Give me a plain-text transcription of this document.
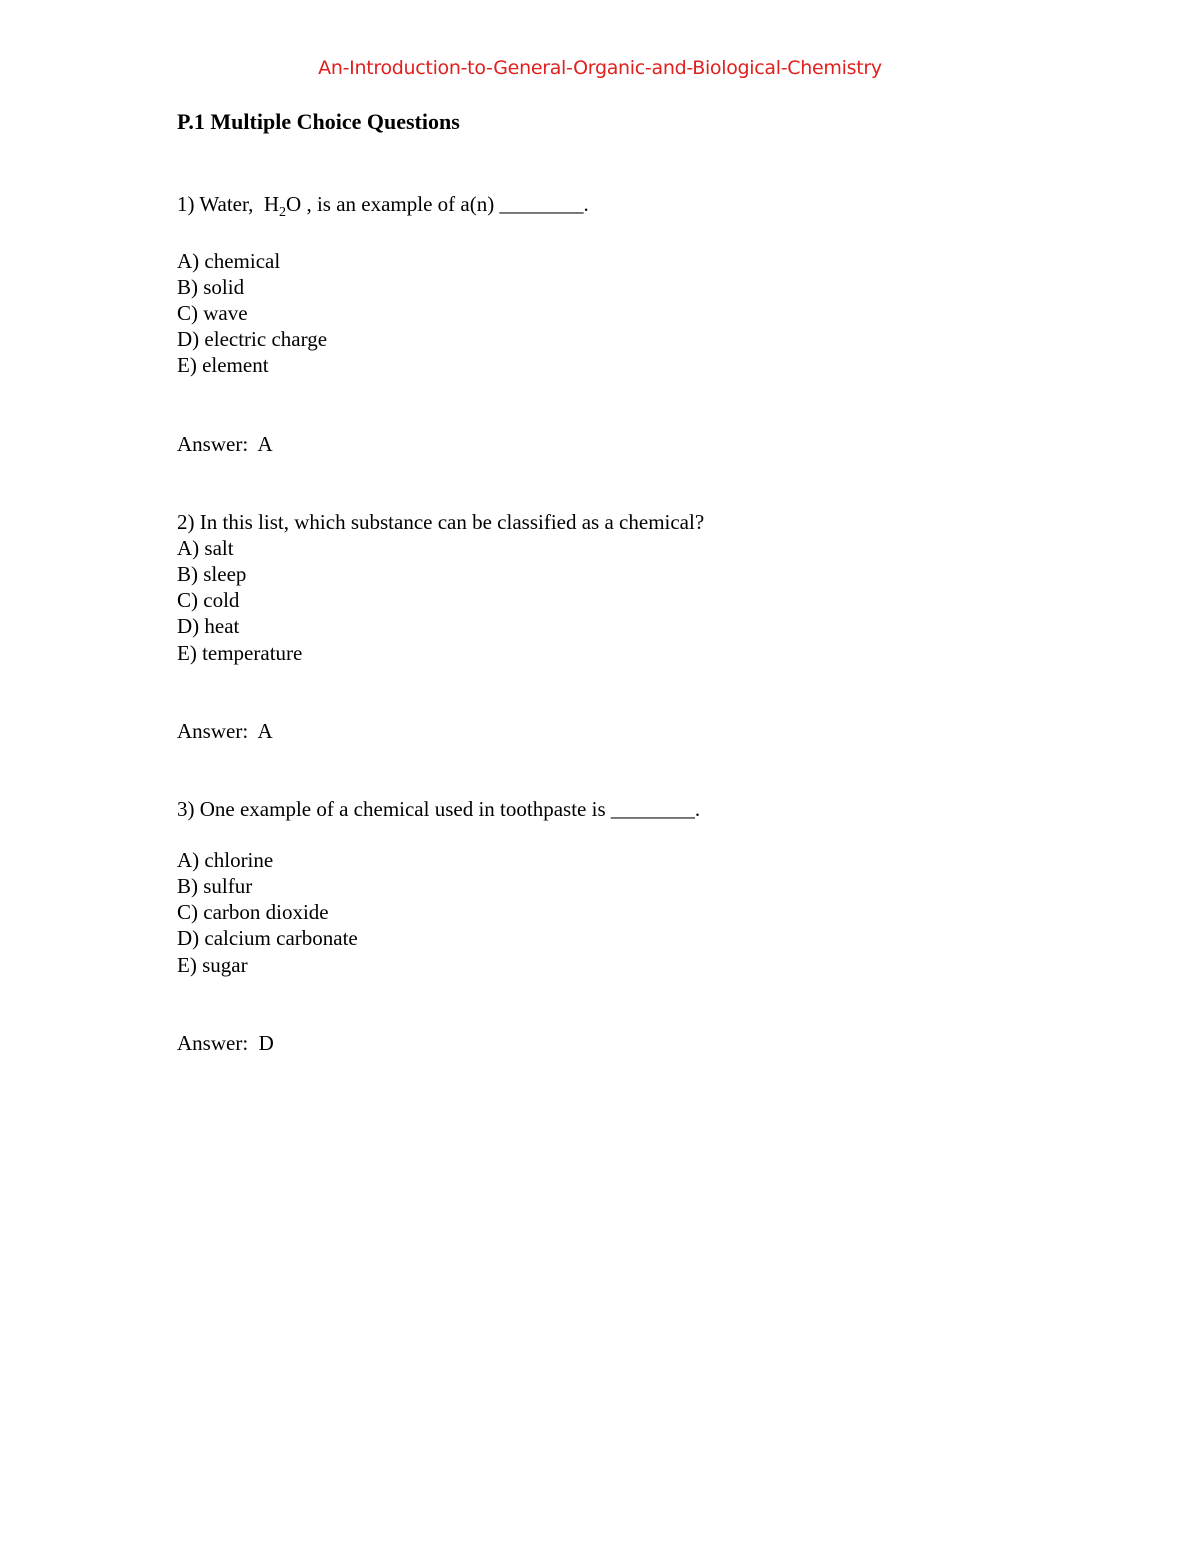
An-Introduction-to-General-Organic-and-Biological-Chemistry
P.1 Multiple Choice Questions
1) Water,  $H_2O$ , is an example of a(n) ________.
A) chemical
B) solid
C) wave
D) electric charge
E) element
Answer:  A
2) In this list, which substance can be classified as a chemical?
A) salt
B) sleep
C) cold
D) heat
E) temperature
Answer:  A
3) One example of a chemical used in toothpaste is ________.
A) chlorine
B) sulfur
C) carbon dioxide
D) calcium carbonate
E) sugar
Answer:  D
